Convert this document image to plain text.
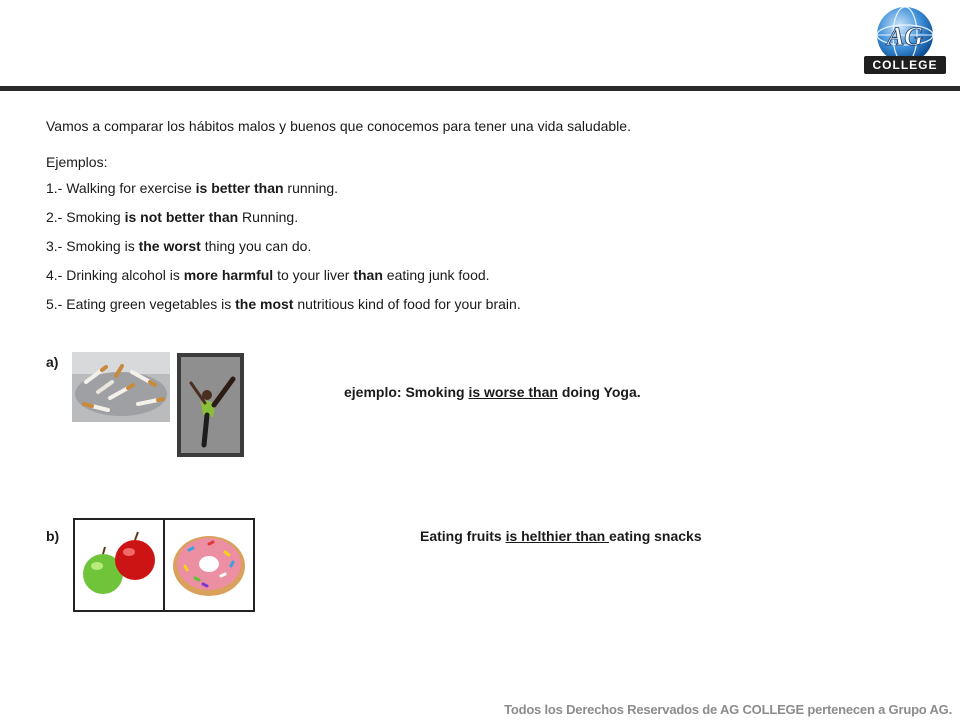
AG
COLLEGE
Vamos a comparar los hábitos malos y buenos que conocemos para tener una vida saludable.
Ejemplos:
1.- Walking for exercise is better than running.
2.- Smoking is not better than Running.
3.- Smoking is the worst thing you can do.
4.- Drinking alcohol is more harmful to your liver than eating junk food.
5.- Eating green vegetables is the most nutritious kind of food for your brain.
a)
ejemplo: Smoking is worse than doing Yoga.
b)	Eating fruits is helthier than eating snacks
Todos los Derechos Reservados de AG COLLEGE pertenecen a Grupo AG.
